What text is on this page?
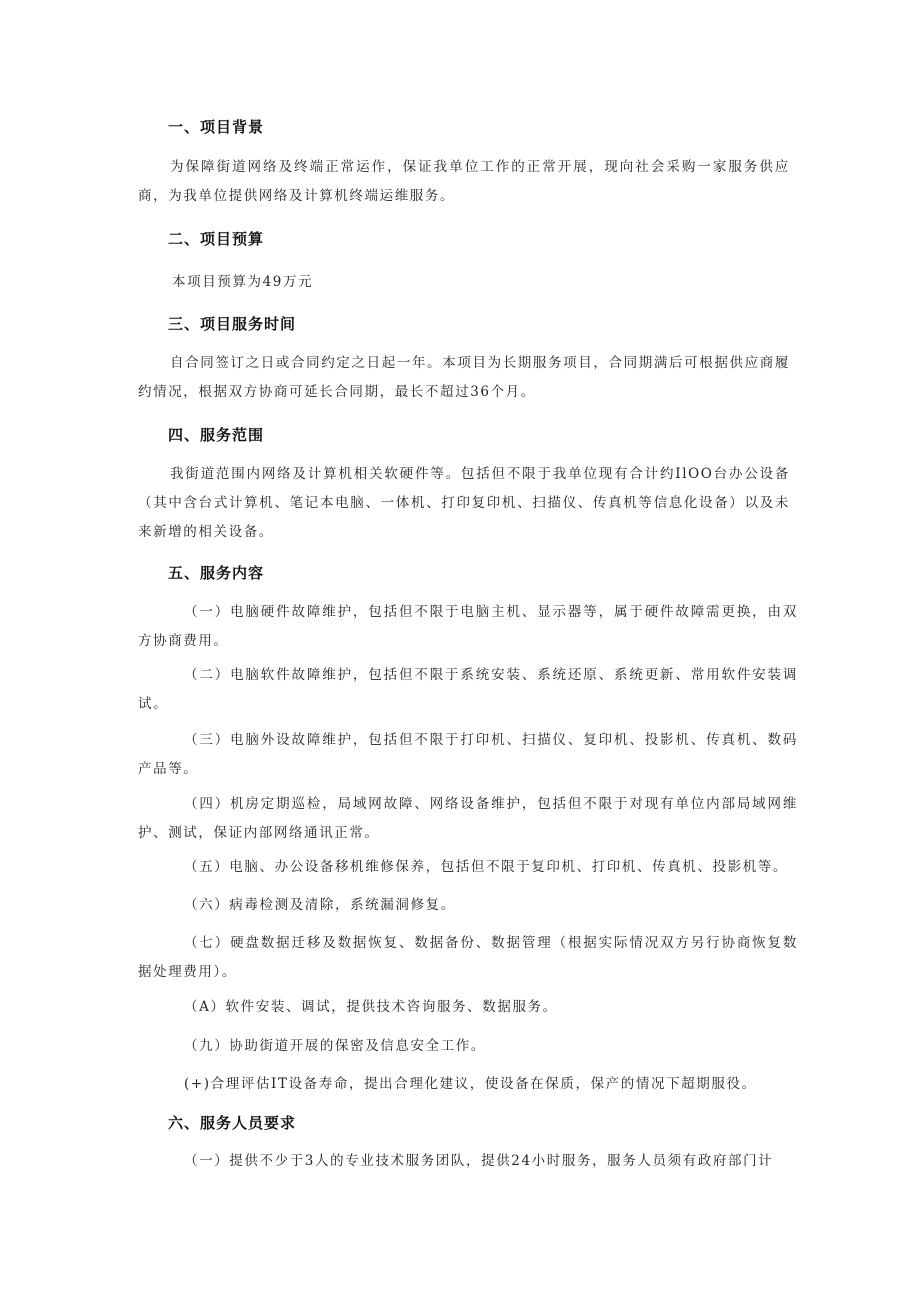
一、项目背景
为保障街道网络及终端正常运作，保证我单位工作的正常开展，现向社会采购一家服务供应商，为我单位提供网络及计算机终端运维服务。
二、项目预算
本项目预算为49万元
三、项目服务时间
自合同签订之日或合同约定之日起一年。本项目为长期服务项目，合同期满后可根据供应商履约情况，根据双方协商可延长合同期，最长不超过36个月。
四、服务范围
我街道范围内网络及计算机相关软硬件等。包括但不限于我单位现有合计约IlOO台办公设备（其中含台式计算机、笔记本电脑、一体机、打印复印机、扫描仪、传真机等信息化设备）以及未来新增的相关设备。
五、服务内容
（一）电脑硬件故障维护，包括但不限于电脑主机、显示器等，属于硬件故障需更换，由双方协商费用。
（二）电脑软件故障维护，包括但不限于系统安装、系统还原、系统更新、常用软件安装调试。
（三）电脑外设故障维护，包括但不限于打印机、扫描仪、复印机、投影机、传真机、数码产品等。
（四）机房定期巡检，局域网故障、网络设备维护，包括但不限于对现有单位内部局域网维护、测试，保证内部网络通讯正常。
（五）电脑、办公设备移机维修保养，包括但不限于复印机、打印机、传真机、投影机等。
（六）病毒检测及清除，系统漏洞修复。
（七）硬盘数据迁移及数据恢复、数据备份、数据管理（根据实际情况双方另行协商恢复数据处理费用）。
（A）软件安装、调试，提供技术咨询服务、数据服务。
（九）协助街道开展的保密及信息安全工作。
(+)合理评估IT设备寿命，提出合理化建议，使设备在保质，保产的情况下超期服役。
六、服务人员要求
（一）提供不少于3人的专业技术服务团队，提供24小时服务，服务人员须有政府部门计
